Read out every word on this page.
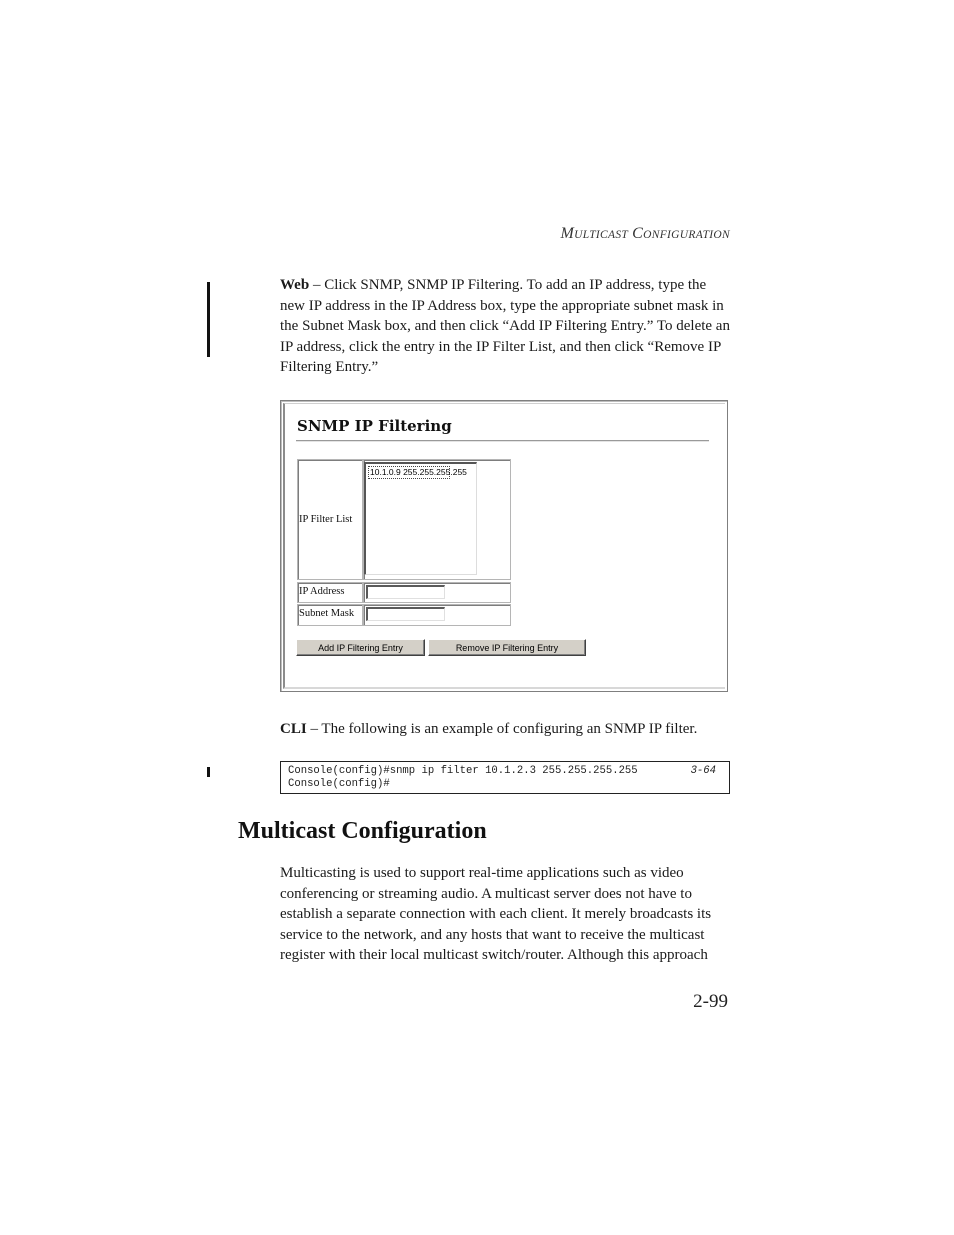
MULTICAST CONFIGURATION

Web – Click SNMP, SNMP IP Filtering. To add an IP address, type the new IP address in the IP Address box, type the appropriate subnet mask in the Subnet Mask box, and then click “Add IP Filtering Entry.” To delete an IP address, click the entry in the IP Filter List, and then click “Remove IP Filtering Entry.”

SNMP IP Filtering
IP Filter List
10.1.0.9 255.255.255.255
IP Address
Subnet Mask
Add IP Filtering Entry	Remove IP Filtering Entry

CLI – The following is an example of configuring an SNMP IP filter.

Console(config)#snmp ip filter 10.1.2.3 255.255.255.255
Console(config)#
3-64
Multicast Configuration

Multicasting is used to support real-time applications such as video conferencing or streaming audio. A multicast server does not have to establish a separate connection with each client. It merely broadcasts its service to the network, and any hosts that want to receive the multicast register with their local multicast switch/router. Although this approach

2-99
